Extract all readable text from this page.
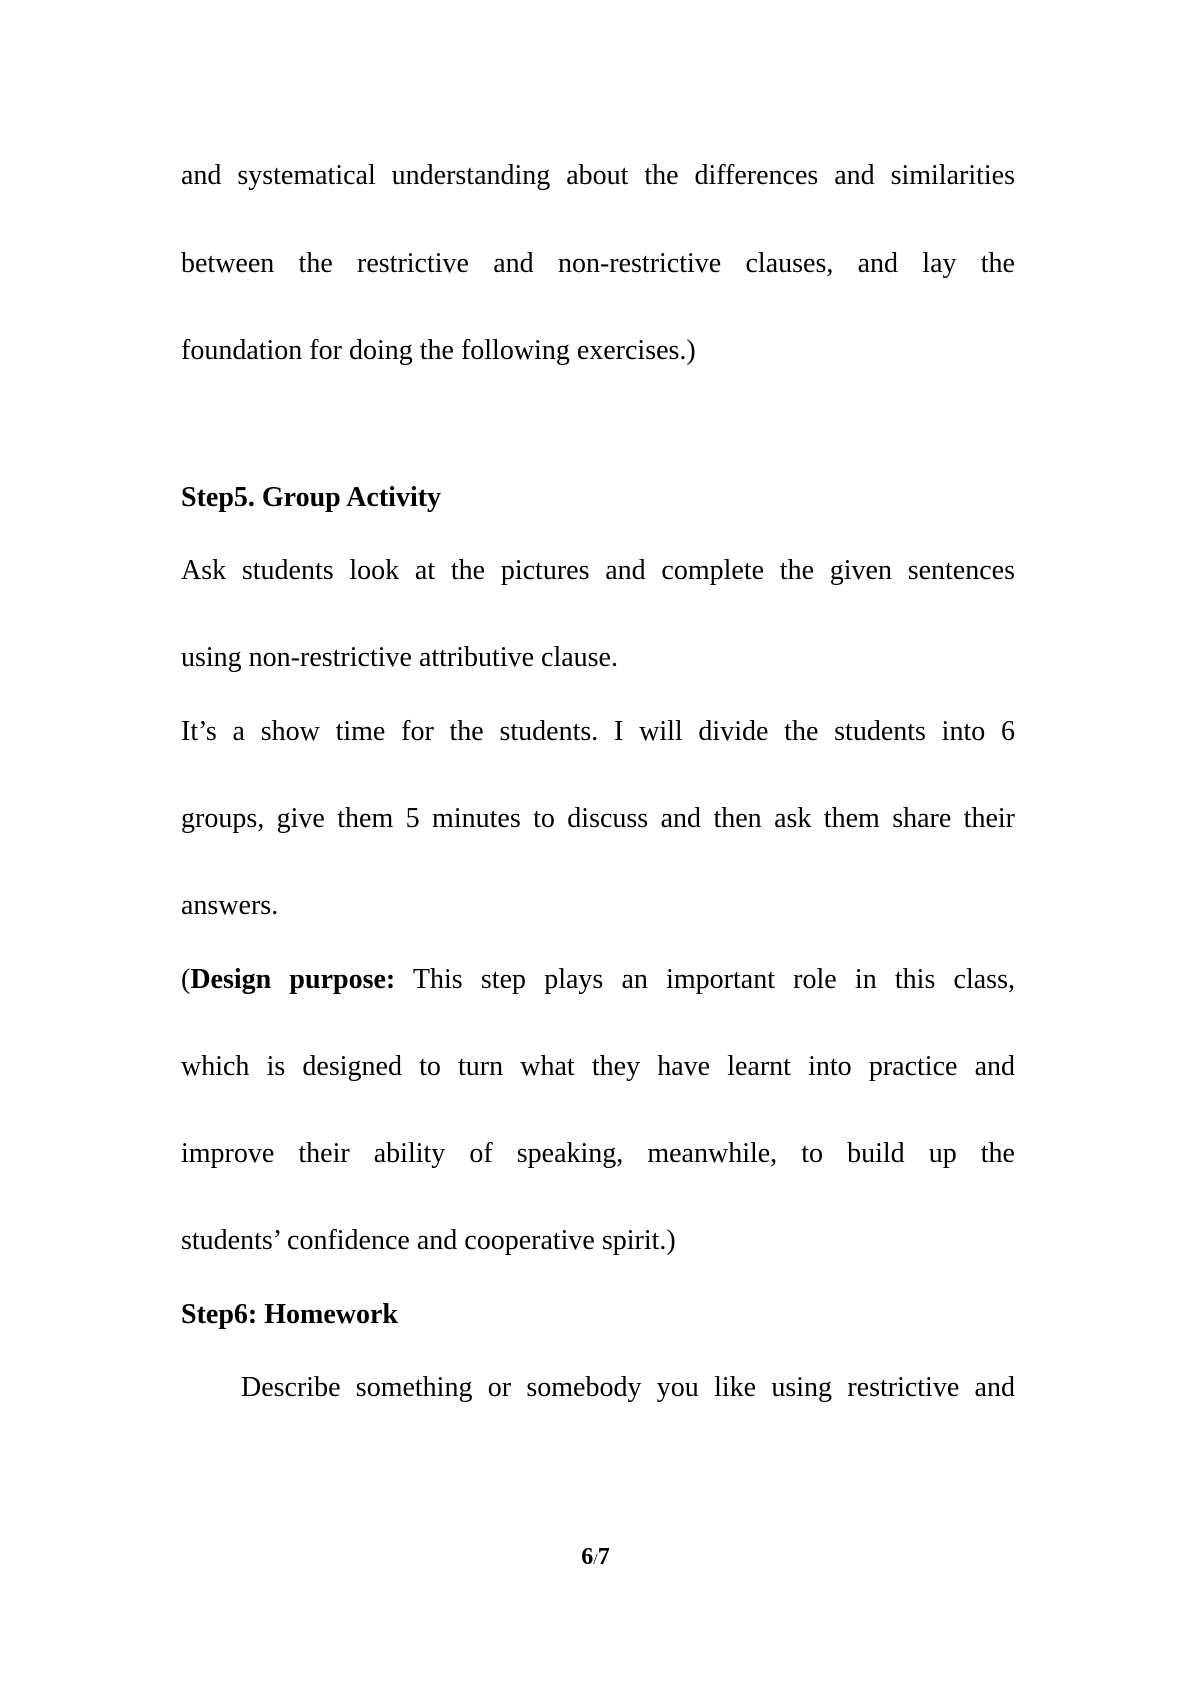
and systematical understanding about the differences and similarities
between the restrictive and non-restrictive clauses, and lay the
foundation for doing the following exercises.)
Step5. Group Activity
Ask students look at the pictures and complete the given sentences
using non-restrictive attributive clause.
It’s a show time for the students. I will divide the students into 6
groups, give them 5 minutes to discuss and then ask them share their
answers.
(Design purpose: This step plays an important role in this class,
which is designed to turn what they have learnt into practice and
improve their ability of speaking, meanwhile, to build up the
students’ confidence and cooperative spirit.)
Step6: Homework
Describe something or somebody you like using restrictive and
6/7
